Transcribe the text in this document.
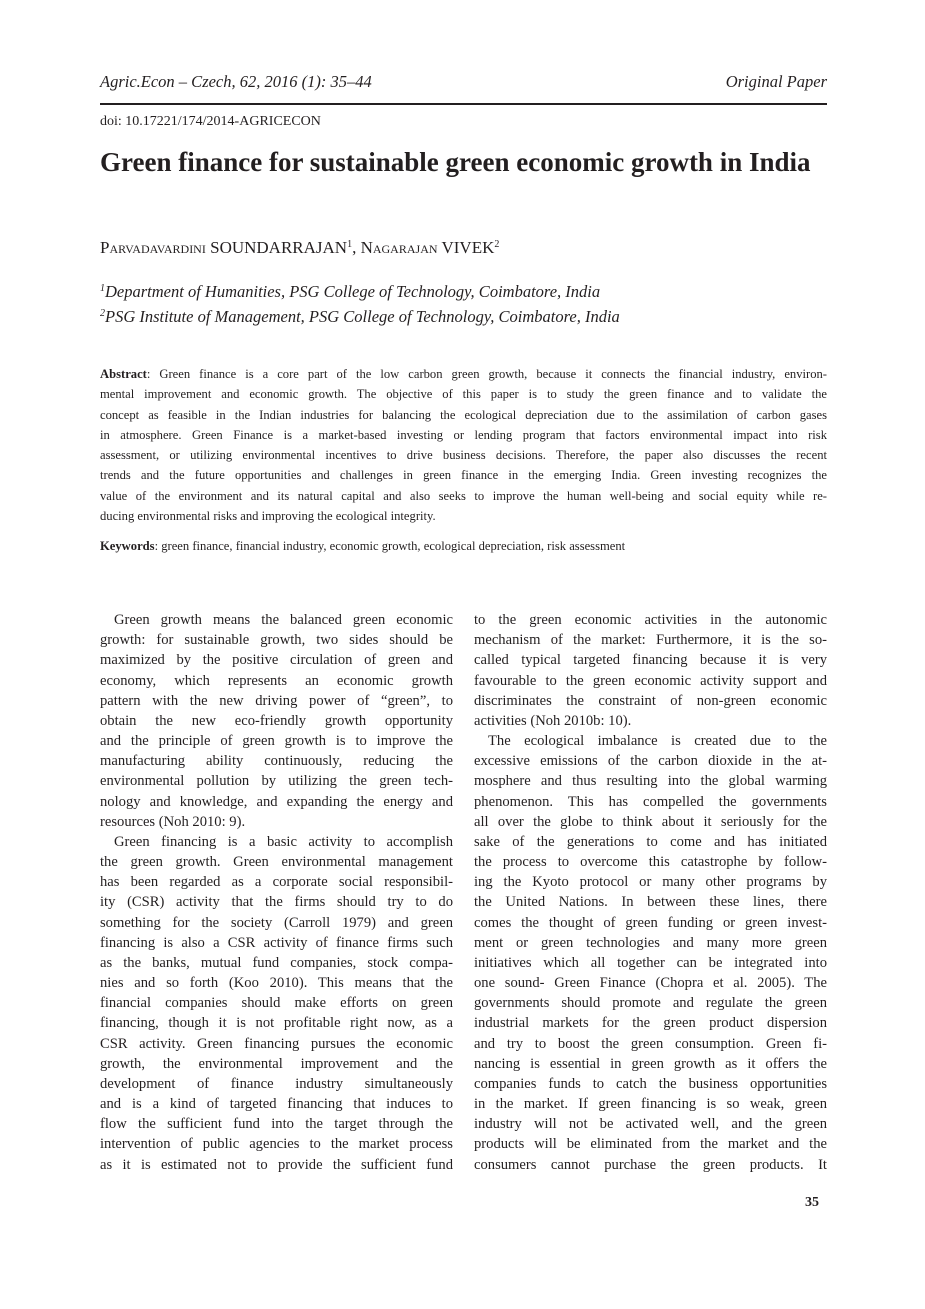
Agric.Econ – Czech, 62, 2016 (1): 35–44	Original Paper
doi: 10.17221/174/2014-AGRICECON
Green finance for sustainable green economic growth in India
Parvadavardini SOUNDARRAJAN$^1$, Nagarajan VIVEK$^2$
$^1$Department of Humanities, PSG College of Technology, Coimbatore, India
$^2$PSG Institute of Management, PSG College of Technology, Coimbatore, India
Abstract: Green finance is a core part of the low carbon green growth, because it connects the financial industry, environ-
mental improvement and economic growth. The objective of this paper is to study the green finance and to validate the
concept as feasible in the Indian industries for balancing the ecological depreciation due to the assimilation of carbon gases
in atmosphere. Green Finance is a market-based investing or lending program that factors environmental impact into risk
assessment, or utilizing environmental incentives to drive business decisions. Therefore, the paper also discusses the recent
trends and the future opportunities and challenges in green finance in the emerging India. Green investing recognizes the
value of the environment and its natural capital and also seeks to improve the human well-being and social equity while re-
ducing environmental risks and improving the ecological integrity.
Keywords: green finance, financial industry, economic growth, ecological depreciation, risk assessment
Green growth means the balanced green economic
growth: for sustainable growth, two sides should be
maximized by the positive circulation of green and
economy, which represents an economic growth
pattern with the new driving power of “green”, to
obtain the new eco-friendly growth opportunity
and the principle of green growth is to improve the
manufacturing ability continuously, reducing the
environmental pollution by utilizing the green tech-
nology and knowledge, and expanding the energy and
resources (Noh 2010: 9).
Green financing is a basic activity to accomplish
the green growth. Green environmental management
has been regarded as a corporate social responsibil-
ity (CSR) activity that the firms should try to do
something for the society (Carroll 1979) and green
financing is also a CSR activity of finance firms such
as the banks, mutual fund companies, stock compa-
nies and so forth (Koo 2010). This means that the
financial companies should make efforts on green
financing, though it is not profitable right now, as a
CSR activity. Green financing pursues the economic
growth, the environmental improvement and the
development of finance industry simultaneously
and is a kind of targeted financing that induces to
flow the sufficient fund into the target through the
intervention of public agencies to the market process
as it is estimated not to provide the sufficient fund
to the green economic activities in the autonomic
mechanism of the market: Furthermore, it is the so-
called typical targeted financing because it is very
favourable to the green economic activity support and
discriminates the constraint of non-green economic
activities (Noh 2010b: 10).
The ecological imbalance is created due to the
excessive emissions of the carbon dioxide in the at-
mosphere and thus resulting into the global warming
phenomenon. This has compelled the governments
all over the globe to think about it seriously for the
sake of the generations to come and has initiated
the process to overcome this catastrophe by follow-
ing the Kyoto protocol or many other programs by
the United Nations. In between these lines, there
comes the thought of green funding or green invest-
ment or green technologies and many more green
initiatives which all together can be integrated into
one sound- Green Finance (Chopra et al. 2005). The
governments should promote and regulate the green
industrial markets for the green product dispersion
and try to boost the green consumption. Green fi-
nancing is essential in green growth as it offers the
companies funds to catch the business opportunities
in the market. If green financing is so weak, green
industry will not be activated well, and the green
products will be eliminated from the market and the
consumers cannot purchase the green products. It
35
